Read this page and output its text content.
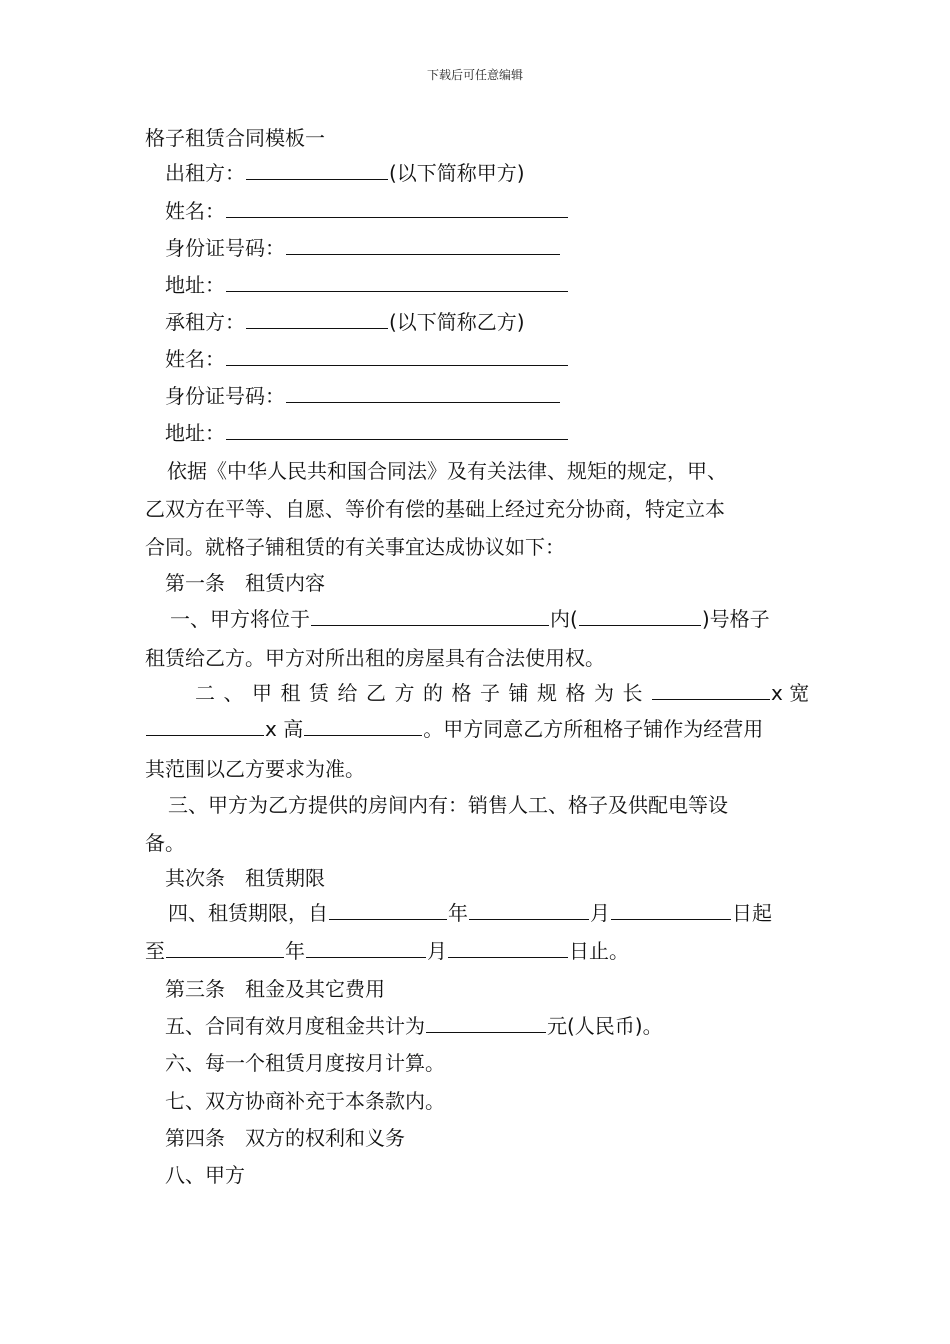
下载后可任意编辑
格子租赁合同模板一
出租方：	(以下简称甲方)
姓名：
身份证号码：
地址：
承租方：	(以下简称乙方)
姓名：
身份证号码：
地址：
依据《中华人民共和国合同法》及有关法律、规矩的规定，甲、
乙双方在平等、自愿、等价有偿的基础上经过充分协商，特定立本
合同。就格子铺租赁的有关事宜达成协议如下：
第一条　租赁内容
一、甲方将位于	内(	)号格子
租赁给乙方。甲方对所出租的房屋具有合法使用权。
二、甲租赁给乙方的格子铺规格为长	x 宽
x 高	。甲方同意乙方所租格子铺作为经营用
其范围以乙方要求为准。
三、甲方为乙方提供的房间内有：销售人工、格子及供配电等设
备。
其次条　租赁期限
四、租赁期限，自	年	月	日起
至	年	月	日止。
第三条　租金及其它费用
五、合同有效月度租金共计为	元(人民币)。
六、每一个租赁月度按月计算。
七、双方协商补充于本条款内。
第四条　双方的权利和义务
八、甲方
